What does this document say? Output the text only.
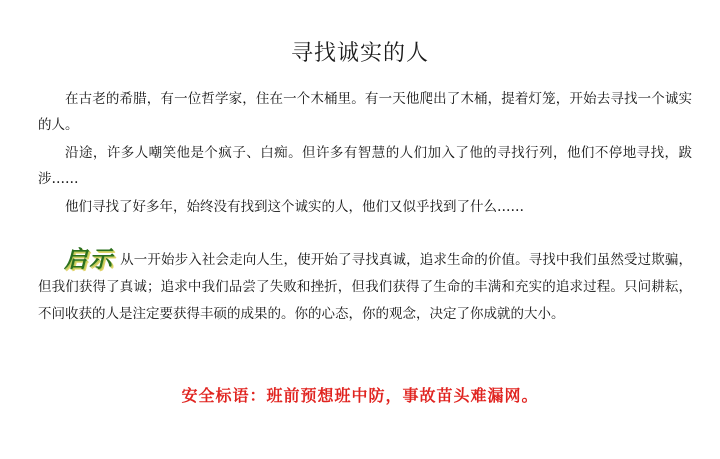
寻找诚实的人

在古老的希腊，有一位哲学家，住在一个木桶里。有一天他爬出了木桶，提着灯笼，开始去寻找一个诚实的人。

沿途，许多人嘲笑他是个疯子、白痴。但许多有智慧的人们加入了他的寻找行列，他们不停地寻找，跋涉……

他们寻找了好多年，始终没有找到这个诚实的人，他们又似乎找到了什么……

启示 从一开始步入社会走向人生，使开始了寻找真诚，追求生命的价值。寻找中我们虽然受过欺骗，但我们获得了真诚；追求中我们品尝了失败和挫折，但我们获得了生命的丰满和充实的追求过程。只问耕耘，不问收获的人是注定要获得丰硕的成果的。你的心态，你的观念，决定了你成就的大小。
安全标语：班前预想班中防，事故苗头难漏网。
